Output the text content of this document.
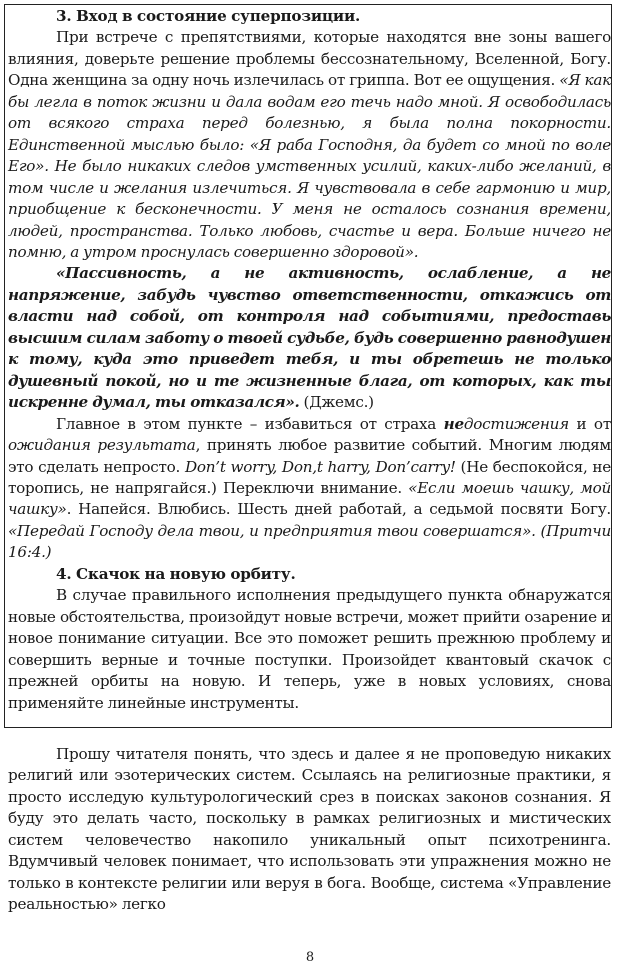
3. Вход в состояние суперпозиции.

При встрече с препятствиями, которые находятся вне зоны вашего влияния, доверьте решение проблемы бессознательному, Вселенной, Богу. Одна женщина за одну ночь излечилась от гриппа. Вот ее ощущения. «Я как бы легла в поток жизни и дала водам его течь надо мной. Я освободилась от всякого страха перед болезнью, я была полна покорности. Единственной мыслью было: «Я раба Господня, да будет со мной по воле Его». Не было никаких следов умственных усилий, каких-либо желаний, в том числе и желания излечиться. Я чувствовала в себе гармонию и мир, приобщение к бесконечности. У меня не осталось сознания времени, людей, пространства. Только любовь, счастье и вера. Больше ничего не помню, а утром проснулась совершенно здоровой».

«Пассивность, а не активность, ослабление, а не напряжение, забудь чувство ответственности, откажись от власти над собой, от контроля над событиями, предоставь высшим силам заботу о твоей судьбе, будь совершенно равнодушен к тому, куда это приведет тебя, и ты обретешь не только душевный покой, но и те жизненные блага, от которых, как ты искренне думал, ты отказался». (Джемс.)

Главное в этом пункте – избавиться от страха недостижения и от ожидания результата, принять любое развитие событий. Многим людям это сделать непросто. Don’t worry, Don,t harry, Don’carry! (Не беспокойся, не торопись, не напрягайся.) Переключи внимание. «Если моешь чашку, мой чашку». Напейся. Влюбись. Шесть дней работай, а седьмой посвяти Богу. «Передай Господу дела твои, и предприятия твои совершатся». (Притчи 16:4.)

4. Скачок на новую орбиту.

В случае правильного исполнения предыдущего пункта обнаружатся новые обстоятельства, произойдут новые встречи, может прийти озарение и новое понимание ситуации. Все это поможет решить прежнюю проблему и совершить верные и точные поступки. Произойдет квантовый скачок с прежней орбиты на новую. И теперь, уже в новых условиях, снова применяйте линейные инструменты.

Прошу читателя понять, что здесь и далее я не проповедую никаких религий или эзотерических систем. Ссылаясь на религиозные практики, я просто исследую культурологический срез в поисках законов сознания. Я буду это делать часто, поскольку в рамках религиозных и мистических систем человечество накопило уникальный опыт психотренинга. Вдумчивый человек понимает, что использовать эти упражнения можно не только в контексте религии или веруя в бога. Вообще, система «Управление реальностью» легко

8
